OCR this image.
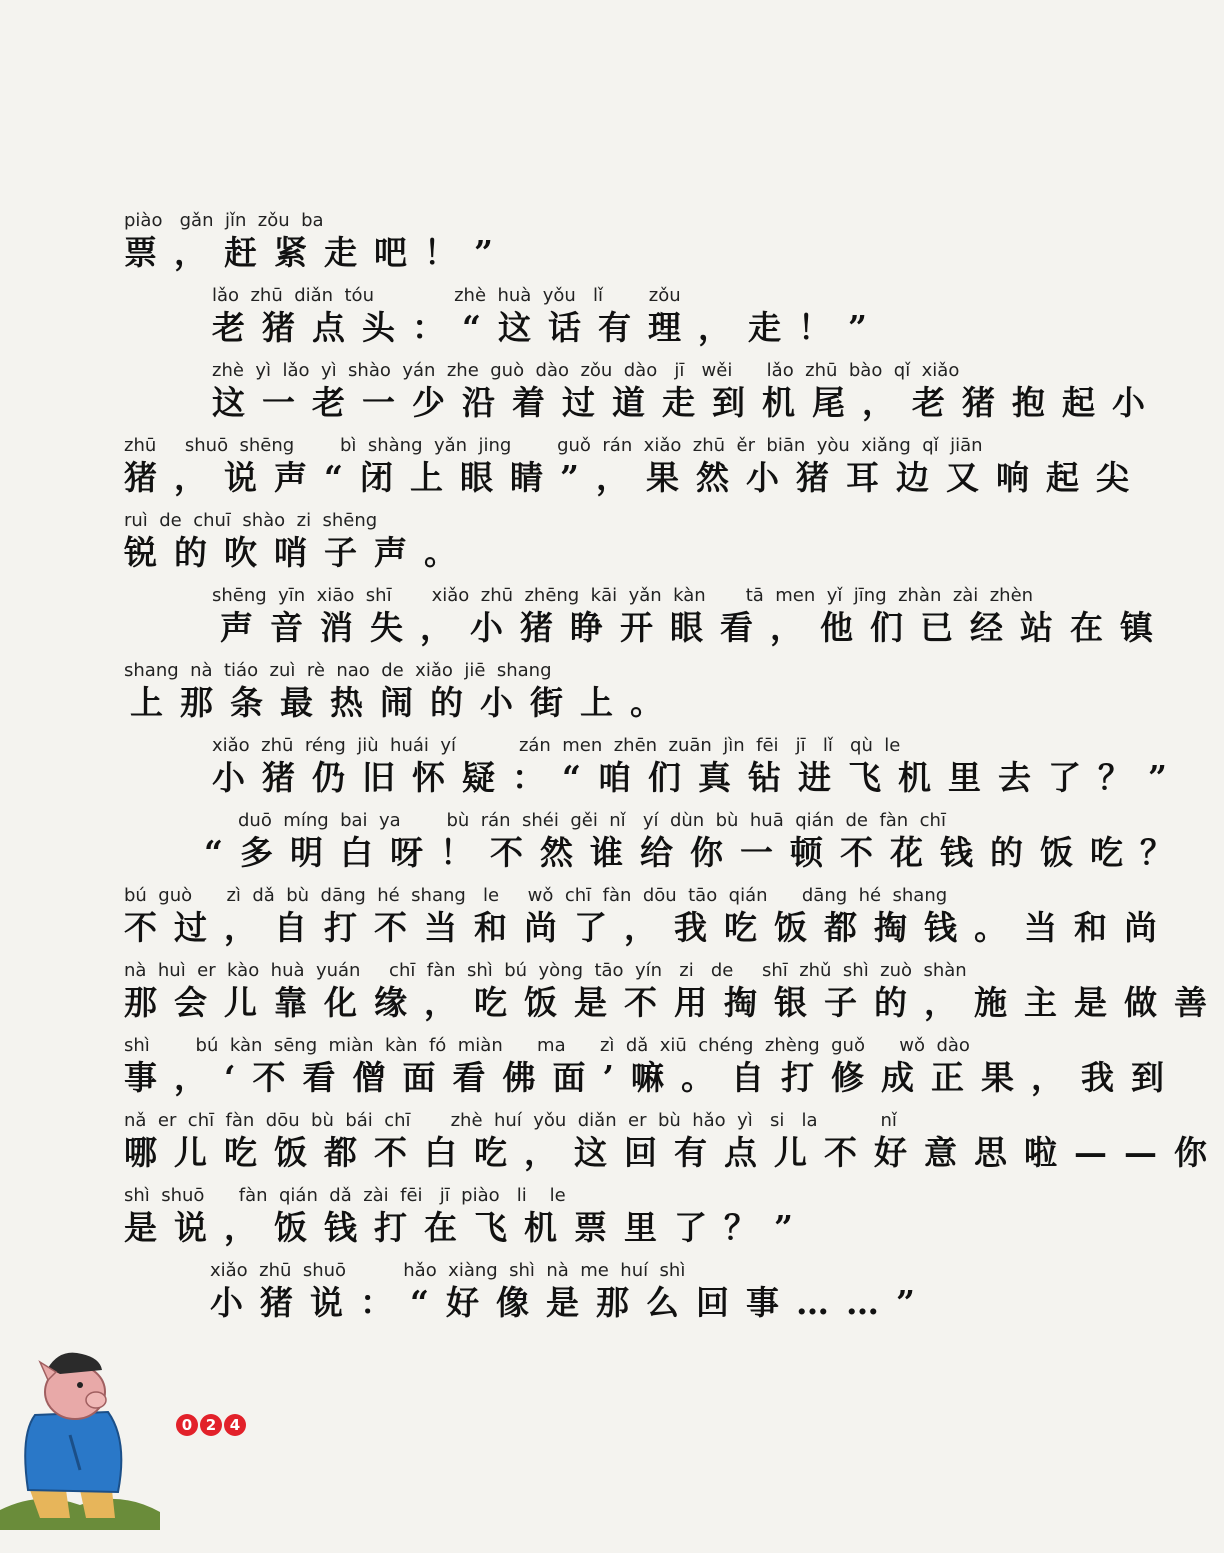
piào   gǎn  jǐn  zǒu  ba
票，赶紧走吧！”
lǎo  zhū  diǎn  tóu              zhè  huà  yǒu   lǐ        zǒu
老猪点头：“这话有理，走！”
zhè  yì  lǎo  yì  shào  yán  zhe  guò  dào  zǒu  dào   jī   wěi      lǎo  zhū  bào  qǐ  xiǎo
这一老一少沿着过道走到机尾，老猪抱起小
zhū     shuō  shēng        bì  shàng  yǎn  jing        guǒ  rán  xiǎo  zhū  ěr  biān  yòu  xiǎng  qǐ  jiān
猪，说声“闭上眼睛”，果然小猪耳边又响起尖
ruì  de  chuī  shào  zi  shēng
锐的吹哨子声。
shēng  yīn  xiāo  shī       xiǎo  zhū  zhēng  kāi  yǎn  kàn       tā  men  yǐ  jīng  zhàn  zài  zhèn
声音消失，小猪睁开眼看，他们已经站在镇
shang  nà  tiáo  zuì  rè  nao  de  xiǎo  jiē  shang
上那条最热闹的小街上。
xiǎo  zhū  réng  jiù  huái  yí           zán  men  zhēn  zuān  jìn  fēi   jī   lǐ   qù  le
小猪仍旧怀疑：“咱们真钻进飞机里去了？”
duō  míng  bai  ya        bù  rán  shéi  gěi  nǐ   yí  dùn  bù  huā  qián  de  fàn  chī
“多明白呀！不然谁给你一顿不花钱的饭吃？
bú  guò      zì  dǎ  bù  dāng  hé  shang   le     wǒ  chī  fàn  dōu  tāo  qián      dāng  hé  shang
不过，自打不当和尚了，我吃饭都掏钱。当和尚
nà  huì  er  kào  huà  yuán     chī  fàn  shì  bú  yòng  tāo  yín   zi   de     shī  zhǔ  shì  zuò  shàn
那会儿靠化缘，吃饭是不用掏银子的，施主是做善
shì        bú  kàn  sēng  miàn  kàn  fó  miàn      ma      zì  dǎ  xiū  chéng  zhèng  guǒ      wǒ  dào
事，‘不看僧面看佛面’嘛。自打修成正果，我到
nǎ  er  chī  fàn  dōu  bù  bái  chī       zhè  huí  yǒu  diǎn  er  bù  hǎo  yì   si   la           nǐ
哪儿吃饭都不白吃，这回有点儿不好意思啦——你
shì  shuō      fàn  qián  dǎ  zài  fēi   jī  piào   li    le
是说，饭钱打在飞机票里了？”
xiǎo  zhū  shuō          hǎo  xiàng  shì  nà  me  huí  shì
小猪说：“好像是那么回事……”
0 2 4
